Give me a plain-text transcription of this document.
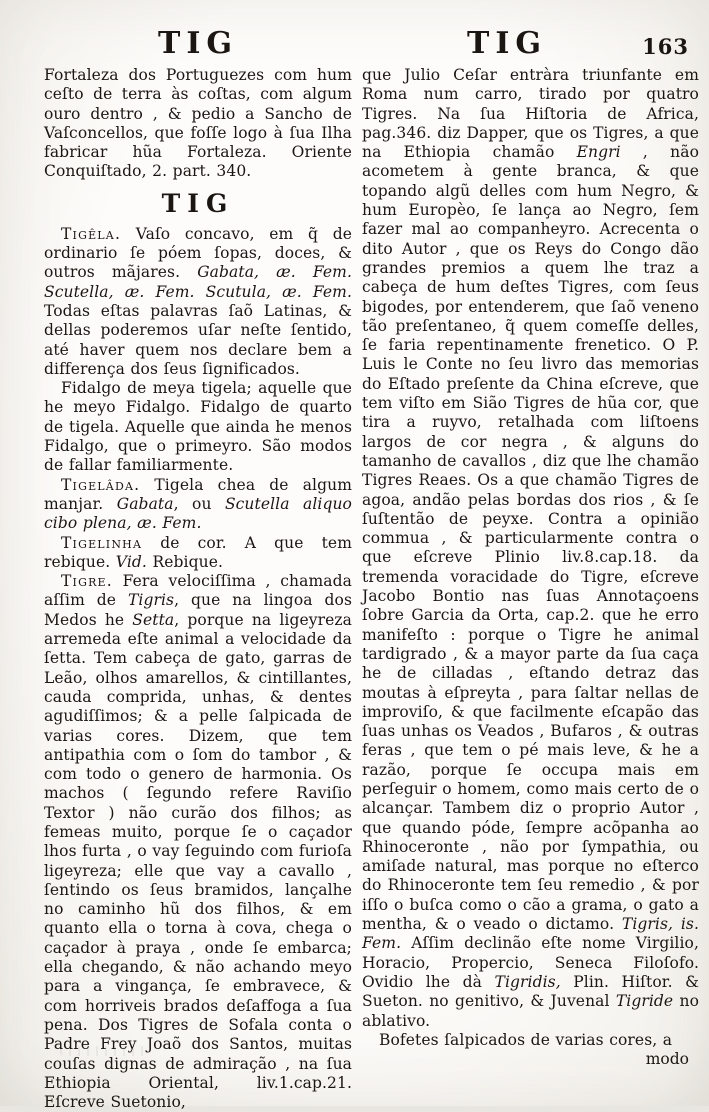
TIG	TIG	163

Fortaleza dos Portuguezes com hum ceſto de terra às coſtas, com algum ouro dentro , & pedio a Sancho de Vaſconcellos, que foſſe logo à ſua Ilha fabricar hũa Fortaleza. Oriente Conquiſtado, 2. part. 340.

TIG

Tigêla. Vaſo concavo, em q̃ de ordinario ſe póem ſopas, doces, & outros mãjares. Gabata, æ. Fem. Scutella, æ. Fem. Scutula, æ. Fem. Todas eſtas palavras ſaõ Latinas, & dellas poderemos uſar neſte ſentido, até haver quem nos declare bem a differença dos ſeus ſignificados.

Fidalgo de meya tigela; aquelle que he meyo Fidalgo. Fidalgo de quarto de tigela. Aquelle que ainda he menos Fidalgo, que o primeyro. São modos de fallar familiarmente.

Tigelâda. Tigela chea de algum manjar. Gabata, ou Scutella aliquo cibo plena, æ. Fem.

Tigelinha de cor. A que tem rebique. Vid. Rebique.

Tigre. Fera velociſſima , chamada aſſim de Tigris, que na lingoa dos Medos he Setta, porque na ligeyreza arremeda eſte animal a velocidade da ſetta. Tem cabeça de gato, garras de Leão, olhos amarellos, & cintillantes, cauda comprida, unhas, & dentes agudiſſimos; & a pelle ſalpicada de varias cores. Dizem, que tem antipathia com o ſom do tambor , & com todo o genero de harmonia. Os machos ( ſegundo refere Raviſio Textor ) não curão dos filhos; as femeas muito, porque ſe o caçador lhos furta , o vay ſeguindo com furioſa ligeyreza; elle que vay a cavallo , ſentindo os ſeus bramidos, lançalhe no caminho hũ dos filhos, & em quanto ella o torna à cova, chega o caçador à praya , onde ſe embarca; ella chegando, & não achando meyo para a vingança, ſe embravece, & com horriveis brados deſaffoga a ſua pena. Dos Tigres de Sofala conta o Padre Frey Joaõ dos Santos, muitas couſas dignas de admiração , na ſua Ethiopia Oriental, liv.1.cap.21. Eſcreve Suetonio,

que Julio Ceſar entràra triunfante em Roma num carro, tirado por quatro Tigres. Na ſua Hiſtoria de Africa, pag.346. diz Dapper, que os Tigres, a que na Ethiopia chamão Engri , não acometem à gente branca, & que topando algũ delles com hum Negro, & hum Europèo, ſe lança ao Negro, ſem fazer mal ao companheyro. Acrecenta o dito Autor , que os Reys do Congo dão grandes premios a quem lhe traz a cabeça de hum deſtes Tigres, com ſeus bigodes, por entenderem, que ſaõ veneno tão preſentaneo, q̃ quem comeſſe delles, ſe faria repentinamente frenetico. O P. Luis le Conte no ſeu livro das memorias do Eſtado preſente da China eſcreve, que tem viſto em Sião Tigres de hũa cor, que tira a ruyvo, retalhada com liſtoens largos de cor negra , & alguns do tamanho de cavallos , diz que lhe chamão Tigres Reaes. Os a que chamão Tigres de agoa, andão pelas bordas dos rios , & ſe ſuſtentão de peyxe. Contra a opinião commua , & particularmente contra o que eſcreve Plinio liv.8.cap.18. da tremenda voracidade do Tigre, eſcreve Jacobo Bontio nas ſuas Annotaçoens ſobre Garcia da Orta, cap.2. que he erro manifeſto : porque o Tigre he animal tardigrado , & a mayor parte da ſua caça he de cilladas , eſtando detraz das moutas à eſpreyta , para ſaltar nellas de improviſo, & que facilmente eſcapão das ſuas unhas os Veados , Bufaros , & outras feras , que tem o pé mais leve, & he a razão, porque ſe occupa mais em perſeguir o homem, como mais certo de o alcançar. Tambem diz o proprio Autor , que quando póde, ſempre acõpanha ao Rhinoceronte , não por ſympathia, ou amiſade natural, mas porque no eſterco do Rhinoceronte tem ſeu remedio , & por iſſo o buſca como o cão a grama, o gato a mentha, & o veado o dictamo. Tigris, is. Fem. Aſſim declinão eſte nome Virgilio, Horacio, Propercio, Seneca Filoſofo. Ovidio lhe dà Tigridis, Plin. Hiſtor. & Sueton. no genitivo, & Juvenal Tigride no ablativo.

Bofetes ſalpicados de varias cores, a

modo
